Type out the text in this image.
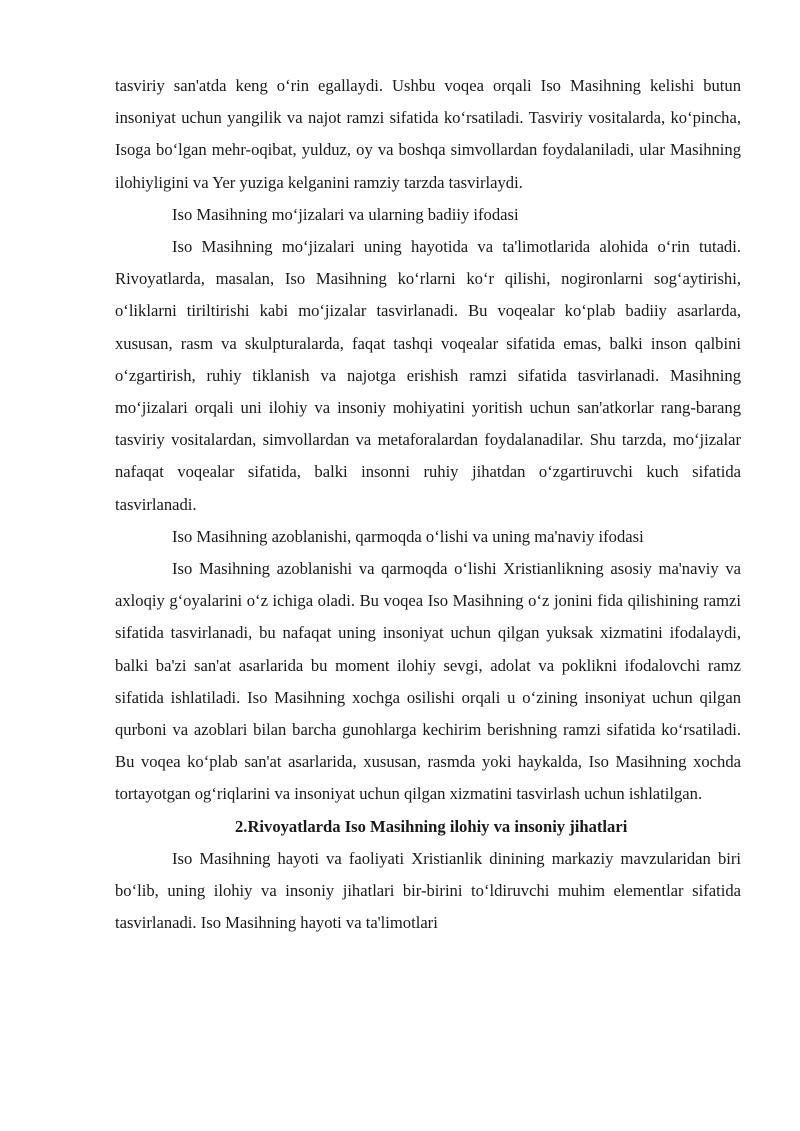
tasviriy san'atda keng o‘rin egallaydi. Ushbu voqea orqali Iso Masihning kelishi butun insoniyat uchun yangilik va najot ramzi sifatida ko‘rsatiladi. Tasviriy vositalarda, ko‘pincha, Isoga bo‘lgan mehr-oqibat, yulduz, oy va boshqa simvollardan foydalaniladi, ular Masihning ilohiyligini va Yer yuziga kelganini ramziy tarzda tasvirlaydi.

Iso Masihning mo‘jizalari va ularning badiiy ifodasi

Iso Masihning mo‘jizalari uning hayotida va ta'limotlarida alohida o‘rin tutadi. Rivoyatlarda, masalan, Iso Masihning ko‘rlarni ko‘r qilishi, nogironlarni sog‘aytirishi, o‘liklarni tiriltirishi kabi mo‘jizalar tasvirlanadi. Bu voqealar ko‘plab badiiy asarlarda, xususan, rasm va skulpturalarda, faqat tashqi voqealar sifatida emas, balki inson qalbini o‘zgartirish, ruhiy tiklanish va najotga erishish ramzi sifatida tasvirlanadi. Masihning mo‘jizalari orqali uni ilohiy va insoniy mohiyatini yoritish uchun san'atkorlar rang-barang tasviriy vositalardan, simvollardan va metaforalardan foydalanadilar. Shu tarzda, mo‘jizalar nafaqat voqealar sifatida, balki insonni ruhiy jihatdan o‘zgartiruvchi kuch sifatida tasvirlanadi.

Iso Masihning azoblanishi, qarmoqda o‘lishi va uning ma'naviy ifodasi

Iso Masihning azoblanishi va qarmoqda o‘lishi Xristianlikning asosiy ma'naviy va axloqiy g‘oyalarini o‘z ichiga oladi. Bu voqea Iso Masihning o‘z jonini fida qilishining ramzi sifatida tasvirlanadi, bu nafaqat uning insoniyat uchun qilgan yuksak xizmatini ifodalaydi, balki ba'zi san'at asarlarida bu moment ilohiy sevgi, adolat va poklikni ifodalovchi ramz sifatida ishlatiladi. Iso Masihning xochga osilishi orqali u o‘zining insoniyat uchun qilgan qurboni va azoblari bilan barcha gunohlarga kechirim berishning ramzi sifatida ko‘rsatiladi. Bu voqea ko‘plab san'at asarlarida, xususan, rasmda yoki haykalda, Iso Masihning xochda tortayotgan og‘riqlarini va insoniyat uchun qilgan xizmatini tasvirlash uchun ishlatilgan.

2.Rivoyatlarda Iso Masihning ilohiy va insoniy jihatlari

Iso Masihning hayoti va faoliyati Xristianlik dinining markaziy mavzularidan biri bo‘lib, uning ilohiy va insoniy jihatlari bir-birini to‘ldiruvchi muhim elementlar sifatida tasvirlanadi. Iso Masihning hayoti va ta'limotlari
